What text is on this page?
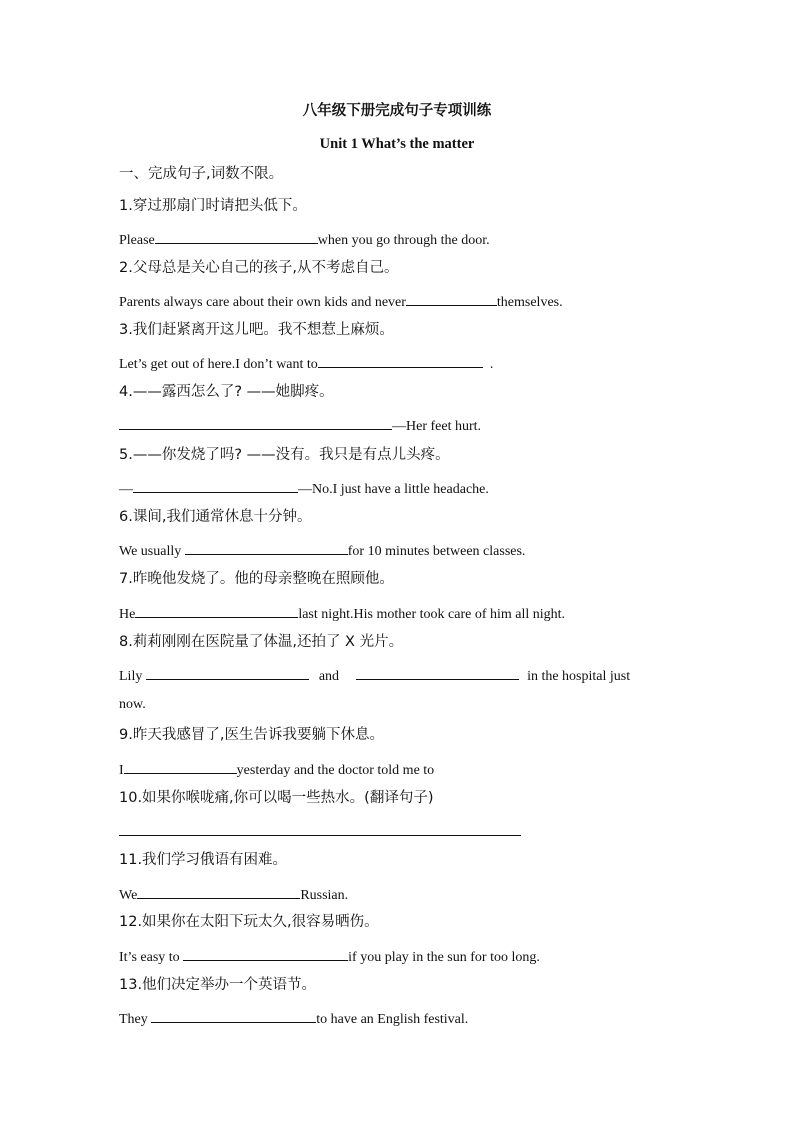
八年级下册完成句子专项训练
Unit 1 What’s the matter
一、完成句子,词数不限。
1.穿过那扇门时请把头低下。
Please	when you go through the door.
2.父母总是关心自己的孩子,从不考虑自己。
Parents always care about their own kids and never	themselves.
3.我们赶紧离开这儿吧。我不想惹上麻烦。
Let’s get out of here.I don’t want to	.
4.——露西怎么了? ——她脚疼。
—Her feet hurt.
5.——你发烧了吗? ——没有。我只是有点儿头疼。
—	—No.I just have a little headache.
6.课间,我们通常休息十分钟。
We usually	for 10 minutes between classes.
7.昨晚他发烧了。他的母亲整晚在照顾他。
He	last night.His mother took care of him all night.
8.莉莉刚刚在医院量了体温,还拍了 X 光片。
Lily	and	in the hospital just
now.
9.昨天我感冒了,医生告诉我要躺下休息。
I	yesterday and the doctor told me to
10.如果你喉咙痛,你可以喝一些热水。(翻译句子)
11.我们学习俄语有困难。
We	Russian.
12.如果你在太阳下玩太久,很容易晒伤。
It’s easy to	if you play in the sun for too long.
13.他们决定举办一个英语节。
They	to have an English festival.
